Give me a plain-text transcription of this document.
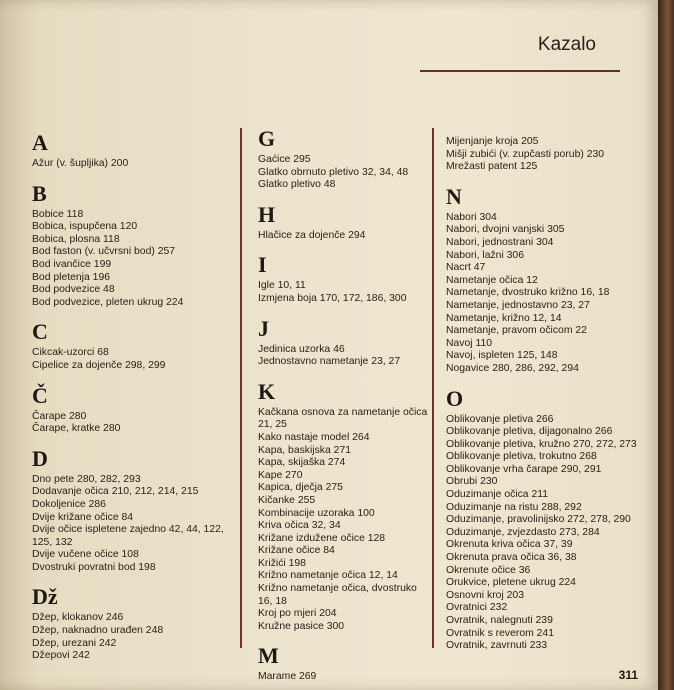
Kazalo
A
Ažur (v. šupljika) 200
B
Bobice 118
Bobica, ispupčena 120
Bobica, plosna 118
Bod faston (v. učvrsni bod) 257
Bod ivančice 199
Bod pletenja 196
Bod podvezice 48
Bod podvezice, pleten ukrug 224
C
Cikcak-uzorci 68
Cipelice za dojenče 298, 299
Č
Čarape 280
Čarape, kratke 280
D
Dno pete 280, 282, 293
Dodavanje očica 210, 212, 214, 215
Dokoljenice 286
Dvije križane očice 84
Dvije očice ispletene zajedno 42, 44, 122, 125, 132
Dvije vučene očice 108
Dvostruki povratni bod 198
Dž
Džep, klokanov 246
Džep, naknadno urađen 248
Džep, urezani 242
Džepovi 242
G
Gaćice 295
Glatko obrnuto pletivo 32, 34, 48
Glatko pletivo 48
H
Hlačice za dojenče 294
I
Igle 10, 11
Izmjena boja 170, 172, 186, 300
J
Jedinica uzorka 46
Jednostavno nametanje 23, 27
K
Kačkana osnova za nametanje očica 21, 25
Kako nastaje model 264
Kapa, baskijska 271
Kapa, skijaška 274
Kape 270
Kapica, dječja 275
Kičanke 255
Kombinacije uzoraka 100
Kriva očica 32, 34
Križane izdužene očice 128
Križane očice 84
Križići 198
Križno nametanje očica 12, 14
Križno nametanje očica, dvostruko 16, 18
Kroj po mjeri 204
Kružne pasice 300
M
Marame 269
Mijenjanje kroja 205
Mišji zubići (v. zupčasti porub) 230
Mrežasti patent 125
N
Nabori 304
Nabori, dvojni vanjski 305
Nabori, jednostrani 304
Nabori, lažni 306
Nacrt 47
Nametanje očica 12
Nametanje, dvostruko križno 16, 18
Nametanje, jednostavno 23, 27
Nametanje, križno 12, 14
Nametanje, pravom očicom 22
Navoj 110
Navoj, ispleten 125, 148
Nogavice 280, 286, 292, 294
O
Oblikovanje pletiva 266
Oblikovanje pletiva, dijagonalno 266
Oblikovanje pletiva, kružno 270, 272, 273
Oblikovanje pletiva, trokutno 268
Oblikovanje vrha čarape 290, 291
Obrubi 230
Oduzimanje očica 211
Oduzimanje na ristu 288, 292
Oduzimanje, pravolinijsko 272, 278, 290
Oduzimanje, zvjezdasto 273, 284
Okrenuta kriva očica 37, 39
Okrenuta prava očica 36, 38
Okrenute očice 36
Orukvice, pletene ukrug 224
Osnovni kroj 203
Ovratnici 232
Ovratnik, nalegnuti 239
Ovratnik s reverom 241
Ovratnik, zavrnuti 233
311
